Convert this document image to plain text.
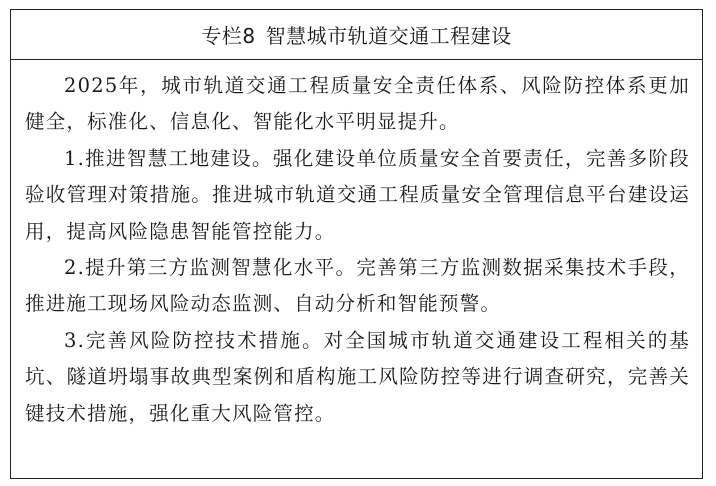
专栏8 智慧城市轨道交通工程建设

2025年，城市轨道交通工程质量安全责任体系、风险防控体系更加健全，标准化、信息化、智能化水平明显提升。

1.推进智慧工地建设。强化建设单位质量安全首要责任，完善多阶段验收管理对策措施。推进城市轨道交通工程质量安全管理信息平台建设运用，提高风险隐患智能管控能力。

2.提升第三方监测智慧化水平。完善第三方监测数据采集技术手段，推进施工现场风险动态监测、自动分析和智能预警。

3.完善风险防控技术措施。对全国城市轨道交通建设工程相关的基坑、隧道坍塌事故典型案例和盾构施工风险防控等进行调查研究，完善关键技术措施，强化重大风险管控。
